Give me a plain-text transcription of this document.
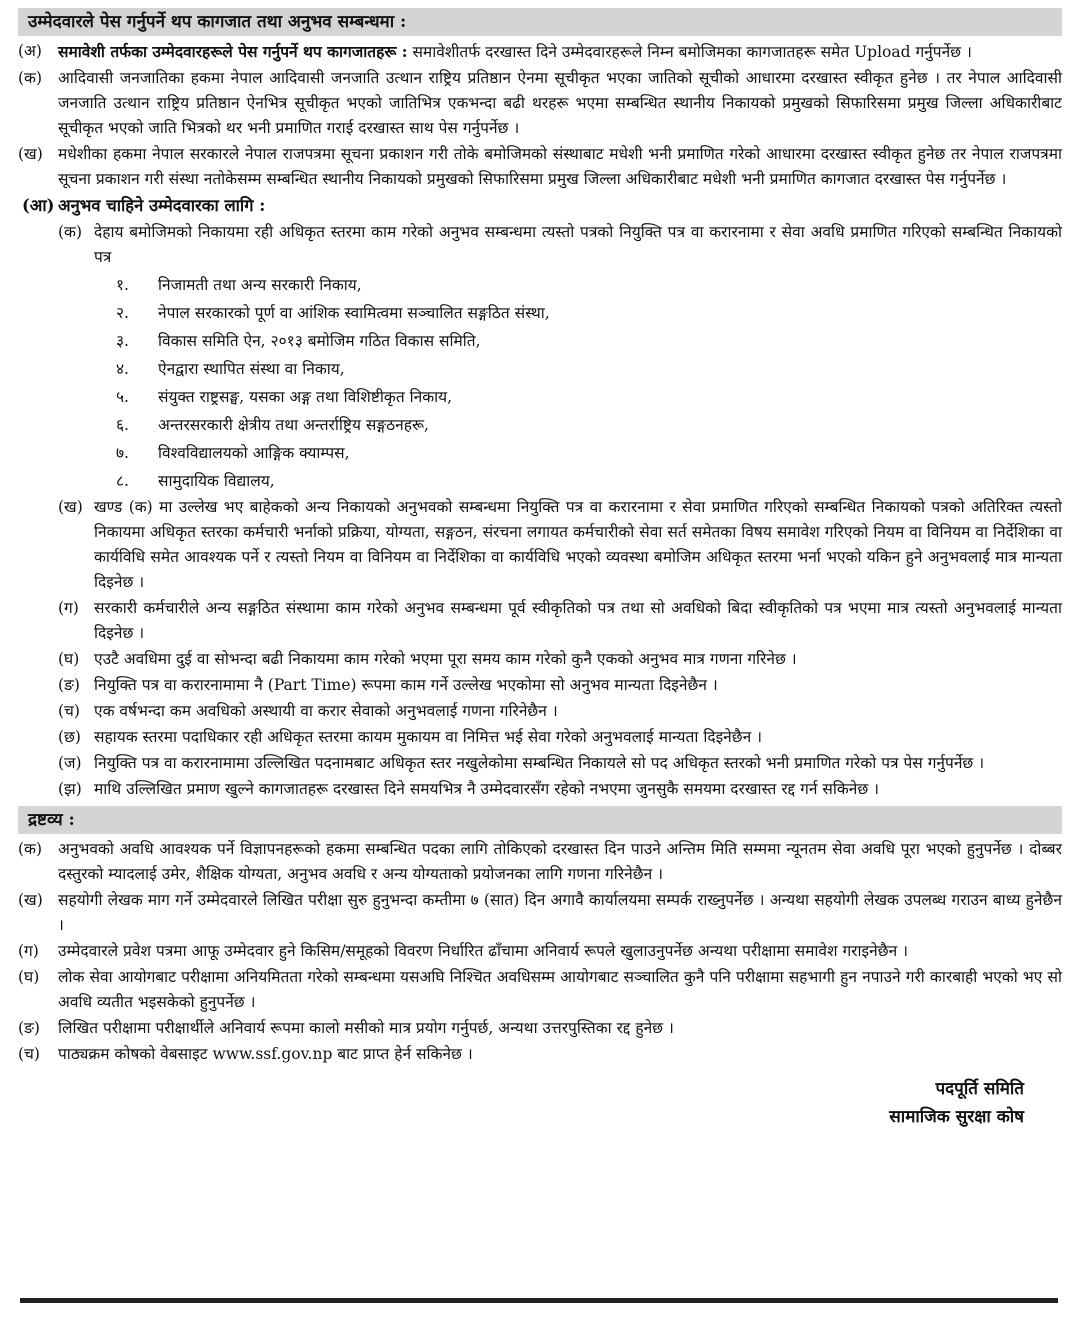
उम्मेदवारले पेस गर्नुपर्ने थप कागजात तथा अनुभव सम्बन्धमा :
(अ)	समावेशी तर्फका उम्मेदवारहरूले पेस गर्नुपर्ने थप कागजातहरू : समावेशीतर्फ दरखास्त दिने उम्मेदवारहरूले निम्न बमोजिमका कागजातहरू समेत Upload गर्नुपर्नेछ ।
(क)	आदिवासी जनजातिका हकमा नेपाल आदिवासी जनजाति उत्थान राष्ट्रिय प्रतिष्ठान ऐनमा सूचीकृत भएका जातिको सूचीको आधारमा दरखास्त स्वीकृत हुनेछ । तर नेपाल आदिवासी जनजाति उत्थान राष्ट्रिय प्रतिष्ठान ऐनभित्र सूचीकृत भएको जातिभित्र एकभन्दा बढी थरहरू भएमा सम्बन्धित स्थानीय निकायको प्रमुखको सिफारिसमा प्रमुख जिल्ला अधिकारीबाट सूचीकृत भएको जाति भित्रको थर भनी प्रमाणित गराई दरखास्त साथ पेस गर्नुपर्नेछ ।
(ख) मधेशीका हकमा नेपाल सरकारले नेपाल राजपत्रमा सूचना प्रकाशन गरी तोके बमोजिमको संस्थाबाट मधेशी भनी प्रमाणित गरेको आधारमा दरखास्त स्वीकृत हुनेछ तर नेपाल राजपत्रमा सूचना प्रकाशन गरी संस्था नतोकेसम्म सम्बन्धित स्थानीय निकायको प्रमुखको सिफारिसमा प्रमुख जिल्ला अधिकारीबाट मधेशी भनी प्रमाणित कागजात दरखास्त पेस गर्नुपर्नेछ ।
(आ) अनुभव चाहिने उम्मेदवारका लागि :
(क) देहाय बमोजिमको निकायमा रही अधिकृत स्तरमा काम गरेको अनुभव सम्बन्धमा त्यस्तो पत्रको नियुक्ति पत्र वा करारनामा र सेवा अवधि प्रमाणित गरिएको सम्बन्धित निकायको पत्र
१.	निजामती तथा अन्य सरकारी निकाय,
२.	नेपाल सरकारको पूर्ण वा आंशिक स्वामित्वमा सञ्चालित सङ्गठित संस्था,
३.	विकास समिति ऐन, २०१३ बमोजिम गठित विकास समिति,
४.	ऐनद्वारा स्थापित संस्था वा निकाय,
५.	संयुक्त राष्ट्रसङ्घ, यसका अङ्ग तथा विशिष्टीकृत निकाय,
६.	अन्तरसरकारी क्षेत्रीय तथा अन्तर्राष्ट्रिय सङ्गठनहरू,
७.	विश्वविद्यालयको आङ्गिक क्याम्पस,
८.	सामुदायिक विद्यालय,
(ख) खण्ड (क) मा उल्लेख भए बाहेकको अन्य निकायको अनुभवको सम्बन्धमा नियुक्ति पत्र वा करारनामा र सेवा प्रमाणित गरिएको सम्बन्धित निकायको पत्रको अतिरिक्त त्यस्तो निकायमा अधिकृत स्तरका कर्मचारी भर्नाको प्रक्रिया, योग्यता, सङ्गठन, संरचना लगायत कर्मचारीको सेवा सर्त समेतका विषय समावेश गरिएको नियम वा विनियम वा निर्देशिका वा कार्यविधि समेत आवश्यक पर्ने र त्यस्तो नियम वा विनियम वा निर्देशिका वा कार्यविधि भएको व्यवस्था बमोजिम अधिकृत स्तरमा भर्ना भएको यकिन हुने अनुभवलाई मात्र मान्यता दिइनेछ ।
(ग) सरकारी कर्मचारीले अन्य सङ्गठित संस्थामा काम गरेको अनुभव सम्बन्धमा पूर्व स्वीकृतिको पत्र तथा सो अवधिको बिदा स्वीकृतिको पत्र भएमा मात्र त्यस्तो अनुभवलाई मान्यता दिइनेछ ।
(घ) एउटै अवधिमा दुई वा सोभन्दा बढी निकायमा काम गरेको भएमा पूरा समय काम गरेको कुनै एकको अनुभव मात्र गणना गरिनेछ ।
(ङ) नियुक्ति पत्र वा करारनामामा नै (Part Time) रूपमा काम गर्ने उल्लेख भएकोमा सो अनुभव मान्यता दिइनेछैन ।
(च) एक वर्षभन्दा कम अवधिको अस्थायी वा करार सेवाको अनुभवलाई गणना गरिनेछैन ।
(छ) सहायक स्तरमा पदाधिकार रही अधिकृत स्तरमा कायम मुकायम वा निमित्त भई सेवा गरेको अनुभवलाई मान्यता दिइनेछैन ।
(ज) नियुक्ति पत्र वा करारनामामा उल्लिखित पदनामबाट अधिकृत स्तर नखुलेकोमा सम्बन्धित निकायले सो पद अधिकृत स्तरको भनी प्रमाणित गरेको पत्र पेस गर्नुपर्नेछ ।
(झ) माथि उल्लिखित प्रमाण खुल्ने कागजातहरू दरखास्त दिने समयभित्र नै उम्मेदवारसँग रहेको नभएमा जुनसुकै समयमा दरखास्त रद्द गर्न सकिनेछ ।
द्रष्टव्य :
(क)	अनुभवको अवधि आवश्यक पर्ने विज्ञापनहरूको हकमा सम्बन्धित पदका लागि तोकिएको दरखास्त दिन पाउने अन्तिम मिति सम्ममा न्यूनतम सेवा अवधि पूरा भएको हुनुपर्नेछ । दोब्बर दस्तुरको म्यादलाई उमेर, शैक्षिक योग्यता, अनुभव अवधि र अन्य योग्यताको प्रयोजनका लागि गणना गरिनेछैन ।
(ख) सहयोगी लेखक माग गर्ने उम्मेदवारले लिखित परीक्षा सुरु हुनुभन्दा कम्तीमा ७ (सात) दिन अगावै कार्यालयमा सम्पर्क राख्नुपर्नेछ । अन्यथा सहयोगी लेखक उपलब्ध गराउन बाध्य हुनेछैन ।
(ग)	उम्मेदवारले प्रवेश पत्रमा आफू उम्मेदवार हुने किसिम/समूहको विवरण निर्धारित ढाँचामा अनिवार्य रूपले खुलाउनुपर्नेछ अन्यथा परीक्षामा समावेश गराइनेछैन ।
(घ)	लोक सेवा आयोगबाट परीक्षामा अनियमितता गरेको सम्बन्धमा यसअघि निश्चित अवधिसम्म आयोगबाट सञ्चालित कुनै पनि परीक्षामा सहभागी हुन नपाउने गरी कारबाही भएको भए सो अवधि व्यतीत भइसकेको हुनुपर्नेछ ।
(ङ)	लिखित परीक्षामा परीक्षार्थीले अनिवार्य रूपमा कालो मसीको मात्र प्रयोग गर्नुपर्छ, अन्यथा उत्तरपुस्तिका रद्द हुनेछ ।
(च)	पाठ्यक्रम कोषको वेबसाइट www.ssf.gov.np बाट प्राप्त हेर्न सकिनेछ ।
पदपूर्ति समिति
सामाजिक सुरक्षा कोष
